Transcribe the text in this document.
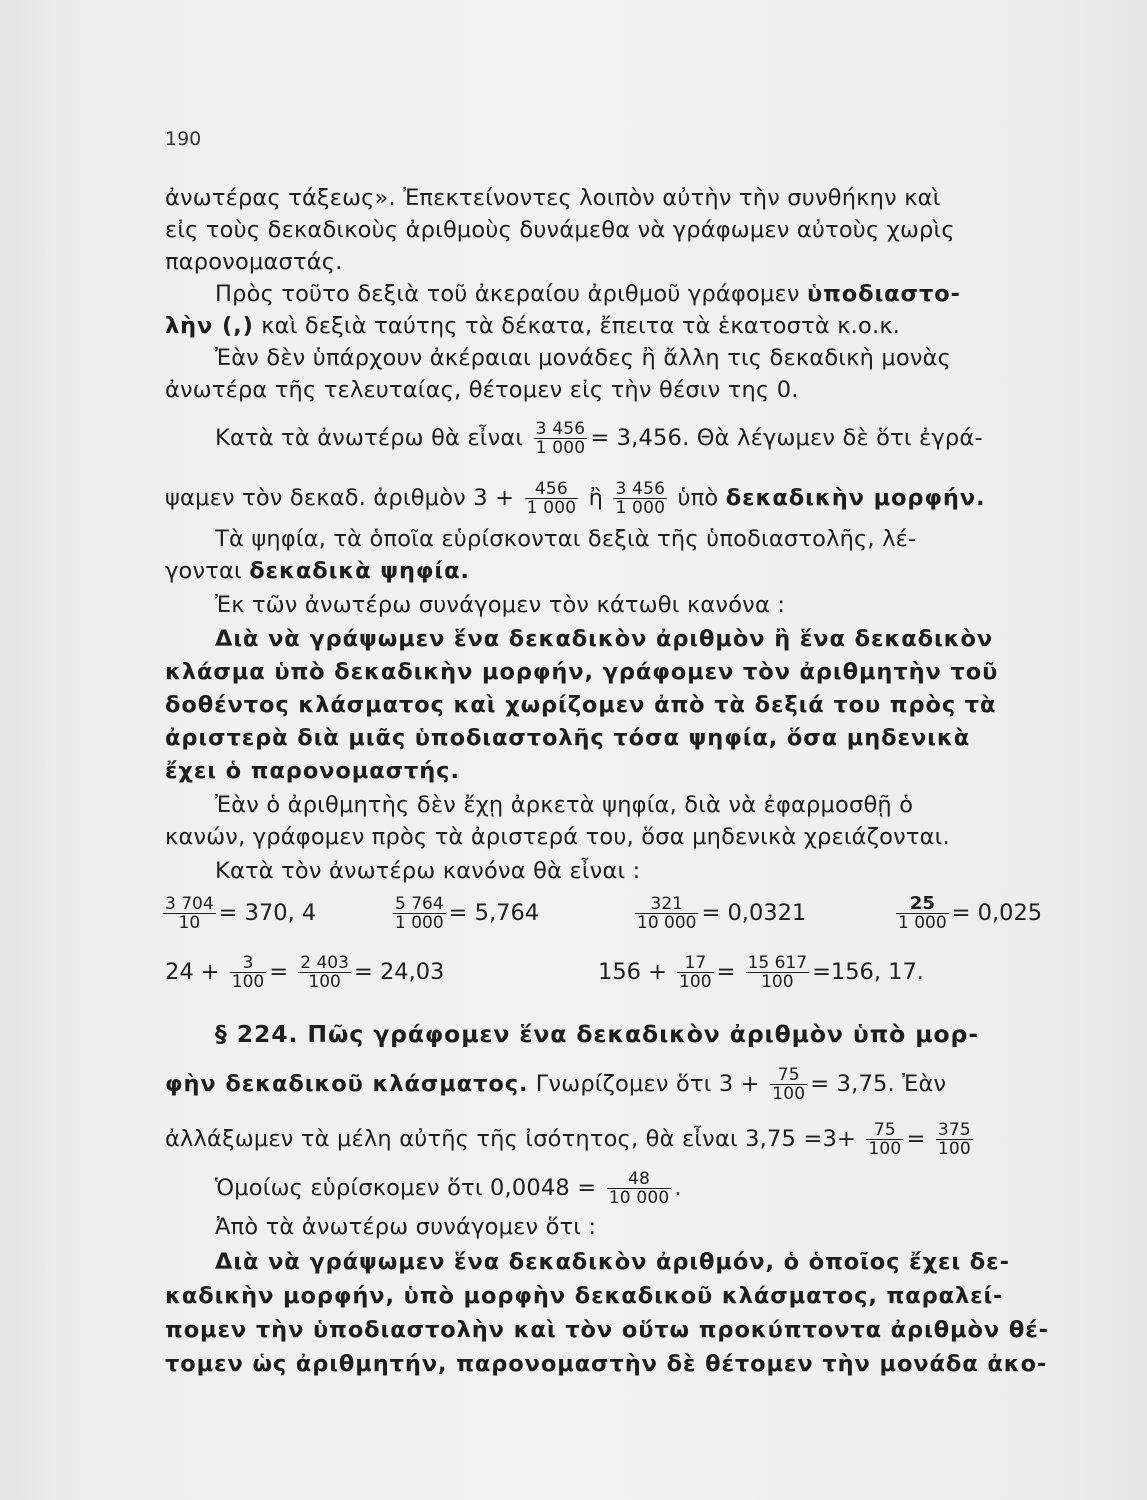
190
ἀνωτέρας τάξεως». Ἐπεκτείνοντες λοιπὸν αὐτὴν τὴν συνθήκην καὶ
εἰς τοὺς δεκαδικοὺς ἀριθμοὺς δυνάμεθα νὰ γράφωμεν αὐτοὺς χωρὶς
παρονομαστάς.
Πρὸς τοῦτο δεξιὰ τοῦ ἀκεραίου ἀριθμοῦ γράφομεν ὑποδιαστο-
λὴν (,) καὶ δεξιὰ ταύτης τὰ δέκατα, ἔπειτα τὰ ἑκατοστὰ κ.ο.κ.
Ἐὰν δὲν ὑπάρχουν ἀκέραιαι μονάδες ἢ ἄλλη τις δεκαδικὴ μονὰς
ἀνωτέρα τῆς τελευταίας, θέτομεν εἰς τὴν θέσιν της 0.
Κατὰ τὰ ἀνωτέρω θὰ εἶναι $\frac{3 456}{1 000} = 3,456$. Θὰ λέγωμεν δὲ ὅτι ἐγρά-
ψαμεν τὸν δεκαδ. ἀριθμὸν $3 + \frac{456}{1 000}$ ἢ $\frac{3 456}{1 000}$ ὑπὸ δεκαδικὴν μορφήν.
Τὰ ψηφία, τὰ ὁποῖα εὑρίσκονται δεξιὰ τῆς ὑποδιαστολῆς, λέ-
γονται δεκαδικὰ ψηφία.
Ἐκ τῶν ἀνωτέρω συνάγομεν τὸν κάτωθι κανόνα :
Διὰ νὰ γράψωμεν ἕνα δεκαδικὸν ἀριθμὸν ἢ ἕνα δεκαδικὸν
κλάσμα ὑπὸ δεκαδικὴν μορφήν, γράφομεν τὸν ἀριθμητὴν τοῦ
δοθέντος κλάσματος καὶ χωρίζομεν ἀπὸ τὰ δεξιά του πρὸς τὰ
ἀριστερὰ διὰ μιᾶς ὑποδιαστολῆς τόσα ψηφία, ὅσα μηδενικὰ
ἔχει ὁ παρονομαστής.
Ἐὰν ὁ ἀριθμητὴς δὲν ἔχῃ ἀρκετὰ ψηφία, διὰ νὰ ἐφαρμοσθῇ ὁ
κανών, γράφομεν πρὸς τὰ ἀριστερά του, ὅσα μηδενικὰ χρειάζονται.
Κατὰ τὸν ἀνωτέρω κανόνα θὰ εἶναι :
$\frac{3 704}{10} = 370$, 4	$\frac{5 764}{1 000} = 5,764$	$\frac{321}{10 000} = 0,0321$	$\frac{25}{1 000} = 0,025$
$24 + \frac{3}{100} = \frac{2 403}{100} = 24,03$	$156 + \frac{17}{100} = \frac{15 617}{100} =156$, 17.
§ 224. Πῶς γράφομεν ἕνα δεκαδικὸν ἀριθμὸν ὑπὸ μορ-
φὴν δεκαδικοῦ κλάσματος. Γνωρίζομεν ὅτι $3 + \frac{75}{100} = 3,75$. Ἐὰν
ἀλλάξωμεν τὰ μέλη αὐτῆς τῆς ἰσότητος, θὰ εἶναι $3,75 =3+ \frac{75}{100} = \frac{375}{100}$
Ὁμοίως εὑρίσκομεν ὅτι $0,0048 = \frac{48}{10 000}$ .
Ἀπὸ τὰ ἀνωτέρω συνάγομεν ὅτι :
Διὰ νὰ γράψωμεν ἕνα δεκαδικὸν ἀριθμόν, ὁ ὁποῖος ἔχει δε-
καδικὴν μορφήν, ὑπὸ μορφὴν δεκαδικοῦ κλάσματος, παραλεί-
πομεν τὴν ὑποδιαστολὴν καὶ τὸν οὕτω προκύπτοντα ἀριθμὸν θέ-
τομεν ὡς ἀριθμητήν, παρονομαστὴν δὲ θέτομεν τὴν μονάδα ἀκο-
